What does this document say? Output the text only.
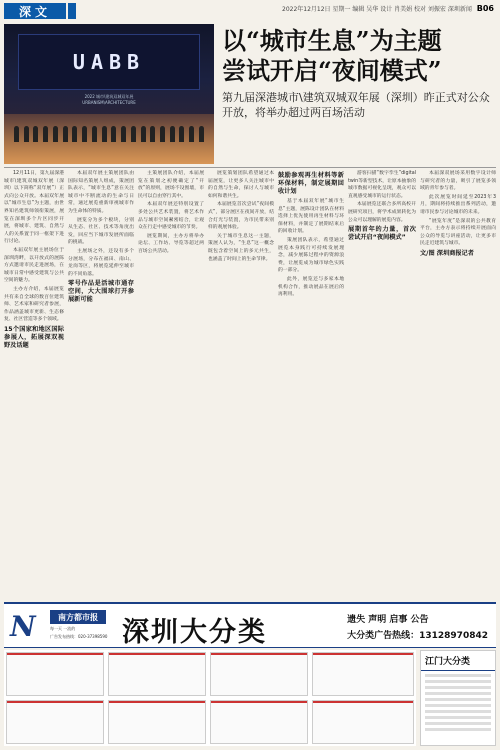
深文	2022年12月12日 星期一 编辑 吴华 设计 肖美娟 校对 刘振宏 深圳新闻 B06
UABB
2022 城市\建筑双城双年展 URBANISM\ARCHITECTURE
以“城市生息”为主题
尝试开启“夜间模式”
第九届深港城市\建筑双城双年展（深圳）昨正式对公众开放，将举办超过两百场活动

12月11日，第九届深港城市\建筑双城双年展（深圳）以下简称“双年展”）正式向公众开放。本届双年展以“城市生息”为主题，由世界知名建筑师领衔策展，展览在深圳多个片区同步开展，将城市、建筑、自然与人的关系置于同一框架下进行讨论。

本届双年展主展场位于深圳湾畔，以开放式的展陈方式邀请市民走进展场，在城市日常中感受建筑与公共空间的魅力。

主办方介绍，本届展览共有来自全球的数百位建筑师、艺术家和研究者参展，作品涵盖城市更新、生态修复、社区营造等多个领域。

15个国家和地区国际参展人，拓展深双视野及话题

本届双年展主策展团队由国际知名策展人组成，策展团队表示，“城市生息”意在关注城市中不断流动的生命与日常，通过展览重新审视城市作为生命体的特质。

展览分为多个板块，分别从生态、社区、技术等角度出发，回应当下城市发展所面临的挑战。

主展场之外，还设有多个分展场，分布在福田、南山、龙岗等区，将展览延伸至城市的不同角落。

零号作品是活城市通存空间，大大围球打开参展新可能

主策展团队介绍，本届展览在策划之初便确定了“开放”的原则，展场不设围墙，市民可以自由穿行其中。

本届双年展还特别设置了多处公共艺术装置，将艺术作品与城市空间紧密结合，让观众在行走中感受城市的节奏。

展览期间，主办方将举办论坛、工作坊、导览等超过两百场公共活动。

展览策划团队希望通过本届展览，让更多人关注城市中的自然与生命，探讨人与城市如何和谐共生。

本届展览首次尝试“夜间模式”，部分展区在夜间开放，结合灯光与装置，为市民带来别样的观展体验。

关于城市生息这一主题，策展人认为，“生息”这一概念既包含着空间上的多元共生，也涵盖了时间上的生命节律。

鼓励参观再生材料等新环保材料，制定展期回收计划

基于本届双年展“城市生息”主题，展陈设计团队在材料选择上优先使用再生材料与环保材料，并制定了展期结束后的回收计划。

策展团队表示，希望通过展览本身践行可持续发展理念，减少展陈过程中的资源浪费，让展览成为城市绿色实践的一部分。

此外，展览还与多家本地机构合作，推动展品在展后的再利用。

游客扫描“数字孪生”digital twin等新型技术，让原本抽象的城市数据可视化呈现，观众可以直观感受城市的运行状态。

本届展览还联合多所高校开展研究项目，将学术成果转化为公众可以理解的展览内容。

展期首年的力量，首次尝试开启“夜间模式”

本届深双展场采用数字设计师与研究者的力量，吸引了展览多领域的青年参与者。

此次展览时间延至2023年3月，期间将持续推出系列活动，邀请市民参与讨论城市的未来。

“展览年度”是深双的公共教育平台，主办方表示将持续开展面向公众的导览与讲座活动，让更多市民走近建筑与城市。

文/图 深圳商报记者
N	南方都市报
每一天 一流的
广告发布热线：020-37398590 深圳大分类	遗失 声明 启事 公告
大分类广告热线：13128970842
江门大分类
